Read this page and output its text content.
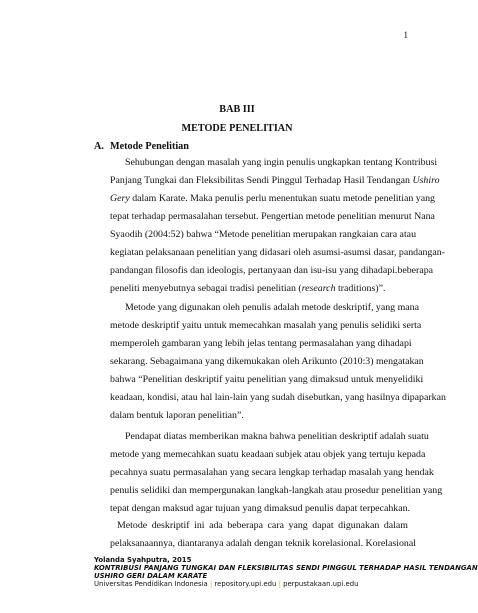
1
BAB III
METODE PENELITIAN
A. Metode Penelitian
Sehubungan dengan masalah yang ingin penulis ungkapkan tentang Kontribusi
Panjang Tungkai dan Fleksibilitas Sendi Pinggul Terhadap Hasil Tendangan Ushiro
Gery dalam Karate. Maka penulis perlu menentukan suatu metode penelitian yang
tepat terhadap permasalahan tersebut. Pengertian metode penelitian menurut Nana
Syaodih (2004:52) bahwa “Metode penelitian merupakan rangkaian cara atau
kegiatan pelaksanaan penelitian yang didasari oleh asumsi-asumsi dasar, pandangan-
pandangan filosofis dan ideologis, pertanyaan dan isu-isu yang dihadapi.beberapa
peneliti menyebutnya sebagai tradisi penelitian (research traditions)”.
Metode yang digunakan oleh penulis adalah metode deskriptif, yang mana
metode deskriptif yaitu untuk memecahkan masalah yang penulis selidiki serta
memperoleh gambaran yang lebih jelas tentang permasalahan yang dihadapi
sekarang. Sebagaimana yang dikemukakan oleh Arikunto (2010:3) mengatakan
bahwa “Penelitian deskriptif yaitu penelitian yang dimaksud untuk menyelidiki
keadaan, kondisi, atau hal lain-lain yang sudah disebutkan, yang hasilnya dipaparkan
dalam bentuk laporan penelitian”.
Pendapat diatas memberikan makna bahwa penelitian deskriptif adalah suatu
metode yang memecahkan suatu keadaan subjek atau objek yang tertuju kepada
pecahnya suatu permasalahan yang secara lengkap terhadap masalah yang hendak
penulis selidiki dan mempergunakan langkah-langkah atau prosedur penelitian yang
tepat dengan maksud agar tujuan yang dimaksud penulis dapat terpecahkan.
Metode deskriptif ini ada beberapa cara yang dapat digunakan dalam
pelaksanaannya, diantaranya adalah dengan teknik korelasional. Korelasional
Yolanda Syahputra, 2015
KONTRIBUSI PANJANG TUNGKAI DAN FLEKSIBILITAS SENDI PINGGUL TERHADAP HASIL TENDANGAN
USHIRO GERI DALAM KARATE
Universitas Pendidikan Indonesia | repository.upi.edu | perpustakaan.upi.edu
